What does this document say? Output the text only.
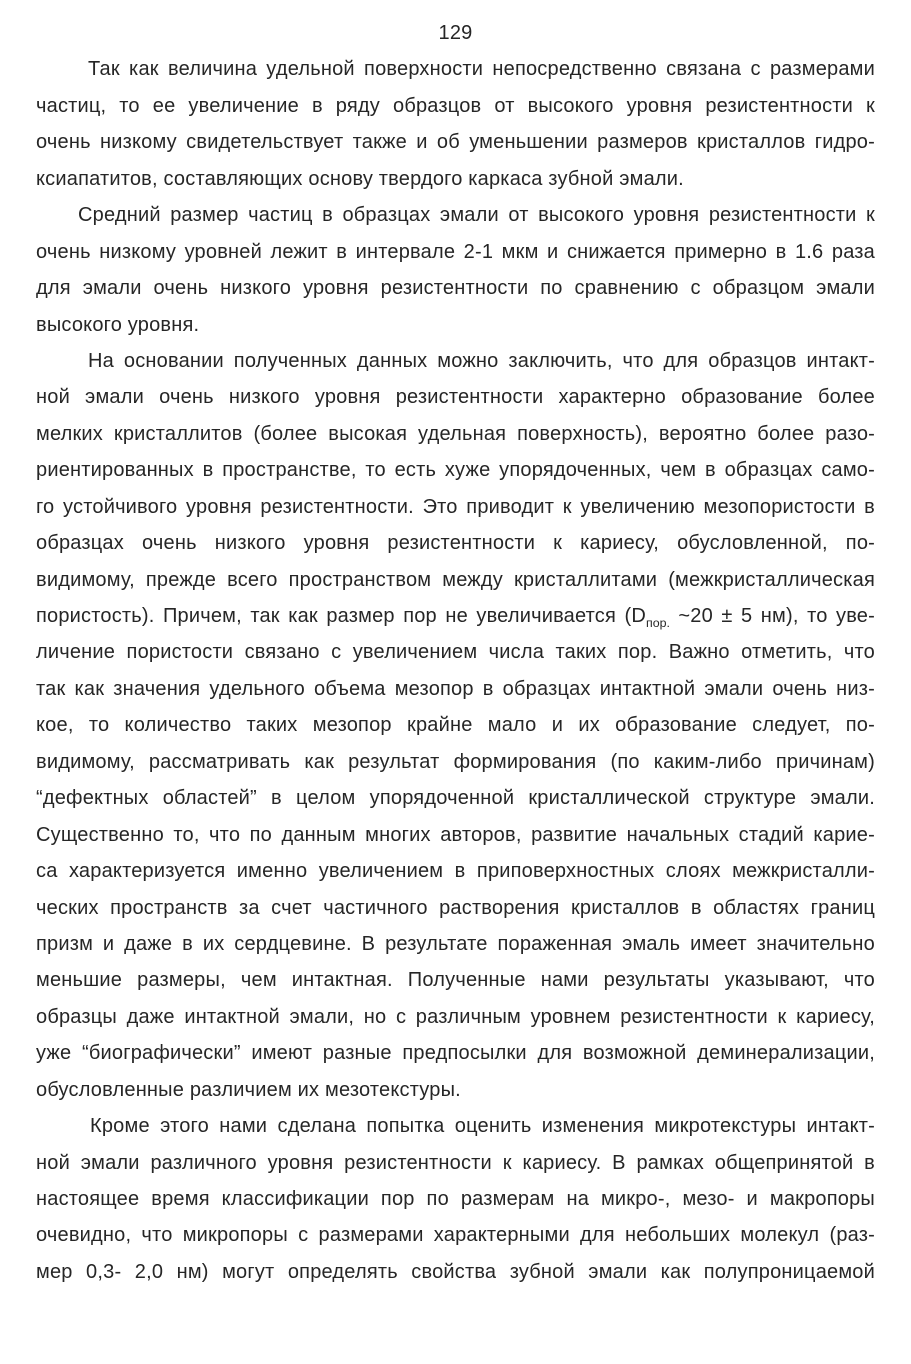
129
Так как величина удельной поверхности непосредственно связана с размерами
частиц, то ее увеличение в ряду образцов от высокого уровня резистентности к
очень низкому свидетельствует также и об уменьшении размеров кристаллов гидро-
ксиапатитов, составляющих основу твердого каркаса зубной эмали.
Средний размер частиц в образцах эмали от высокого уровня резистентности к
очень низкому уровней лежит в интервале 2-1 мкм и снижается примерно в 1.6 раза
для эмали очень низкого уровня резистентности по сравнению с образцом эмали
высокого уровня.
На основании полученных данных можно заключить, что для образцов интакт-
ной эмали очень низкого уровня резистентности характерно образование более
мелких кристаллитов (более высокая удельная поверхность), вероятно более разо-
риентированных в пространстве, то есть хуже упорядоченных, чем в образцах само-
го устойчивого уровня резистентности. Это приводит к увеличению мезопористости в
образцах очень низкого уровня резистентности к кариесу, обусловленной, по-
видимому, прежде всего пространством между кристаллитами (межкристаллическая
пористость). Причем, так как размер пор не увеличивается ($D_{пор.}$ ~20 ± 5 нм), то уве-
личение пористости связано с увеличением числа таких пор. Важно отметить, что
так как значения удельного объема мезопор в образцах интактной эмали очень низ-
кое, то количество таких мезопор крайне мало и их образование следует, по-
видимому, рассматривать как результат формирования (по каким-либо причинам)
“дефектных областей” в целом упорядоченной кристаллической структуре эмали.
Существенно то, что по данным многих авторов, развитие начальных стадий карие-
са характеризуется именно увеличением в приповерхностных слоях межкристалли-
ческих пространств за счет частичного растворения кристаллов в областях границ
призм и даже в их сердцевине. В результате пораженная эмаль имеет значительно
меньшие размеры, чем интактная. Полученные нами результаты указывают, что
образцы даже интактной эмали, но с различным уровнем резистентности к кариесу,
уже “биографически” имеют разные предпосылки для возможной деминерализации,
обусловленные различием их мезотекстуры.
Кроме этого нами сделана попытка оценить изменения микротекстуры интакт-
ной эмали различного уровня резистентности к кариесу. В рамках общепринятой в
настоящее время классификации пор по размерам на микро-, мезо- и макропоры
очевидно, что микропоры с размерами характерными для небольших молекул (раз-
мер 0,3- 2,0 нм) могут определять свойства зубной эмали как полупроницаемой
